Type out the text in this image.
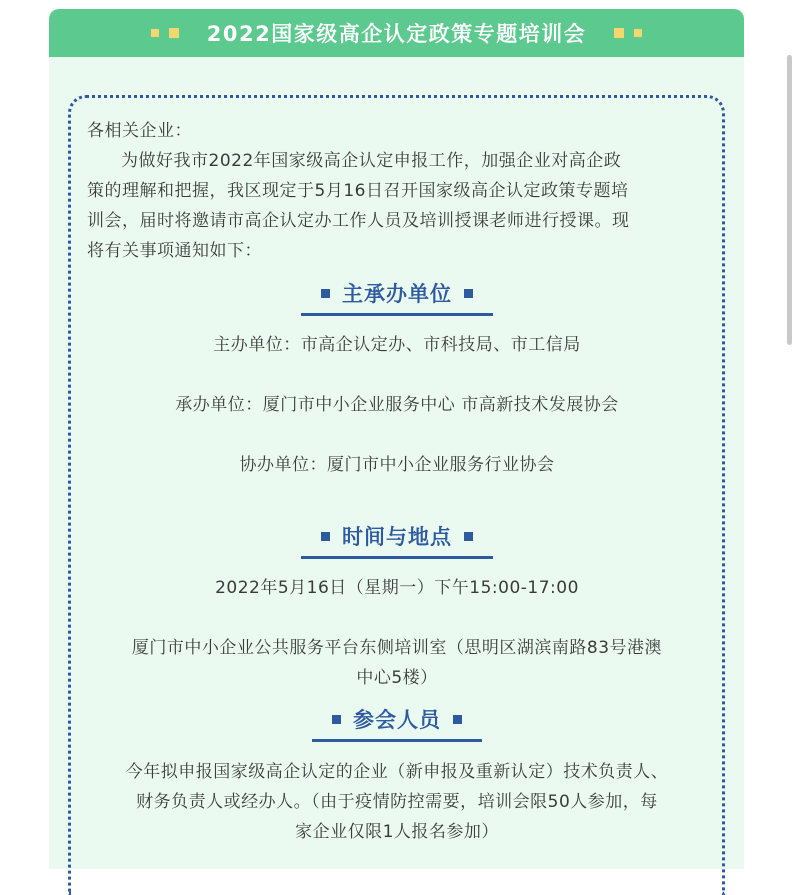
2022国家级高企认定政策专题培训会
各相关企业：
为做好我市2022年国家级高企认定申报工作，加强企业对高企政
策的理解和把握，我区现定于5月16日召开国家级高企认定政策专题培
训会，届时将邀请市高企认定办工作人员及培训授课老师进行授课。现
将有关事项通知如下：
主承办单位
主办单位：市高企认定办、市科技局、市工信局
承办单位：厦门市中小企业服务中心 市高新技术发展协会
协办单位：厦门市中小企业服务行业协会
时间与地点
2022年5月16日（星期一）下午15:00-17:00
厦门市中小企业公共服务平台东侧培训室（思明区湖滨南路83号港澳
中心5楼）
参会人员
今年拟申报国家级高企认定的企业（新申报及重新认定）技术负责人、
财务负责人或经办人。（由于疫情防控需要，培训会限50人参加，每
家企业仅限1人报名参加）
